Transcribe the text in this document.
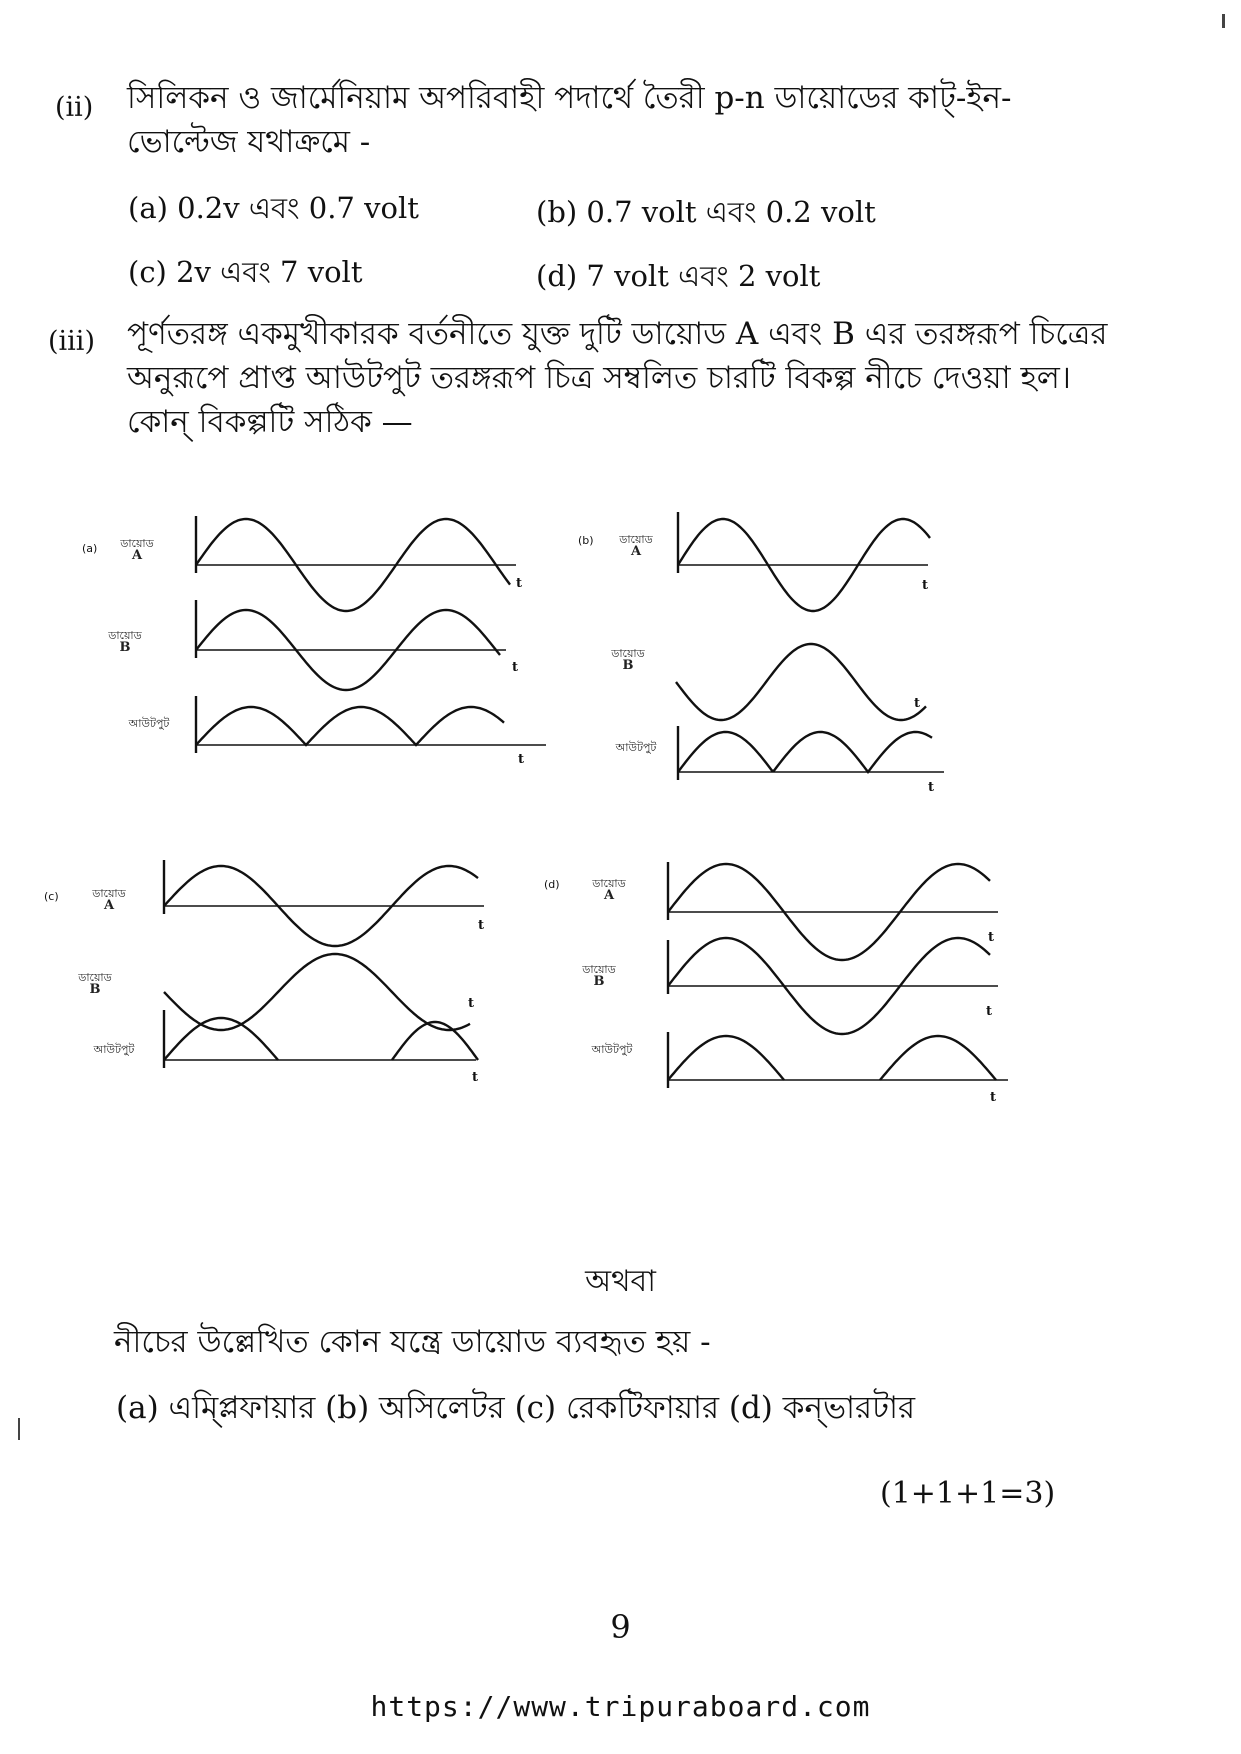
(ii) সিলিকন ও জার্মেনিয়াম অপরিবাহী পদার্থে তৈরী p-n ডায়োডের কাট্-ইন-ভোল্টেজ যথাক্রমে -
(a) 0.2v এবং 0.7 volt	(b) 0.7 volt এবং 0.2 volt
(c) 2v এবং 7 volt	(d) 7 volt এবং 2 volt
(iii) পূর্ণতরঙ্গ একমুখীকারক বর্তনীতে যুক্ত দুটি ডায়োড A এবং B এর তরঙ্গরূপ চিত্রের অনুরূপে প্রাপ্ত আউটপুট তরঙ্গরূপ চিত্র সম্বলিত চারটি বিকল্প নীচে দেওয়া হল। কোন্ বিকল্পটি সঠিক —
(a)	ডায়োড
A
ডায়োড
B
আউটপুট
t
t
t
(b)	ডায়োড
A
ডায়োড
B
আউটপুট
t
t
t
(c)	ডায়োড
A
ডায়োড
B
আউটপুট
t
t
t
(d)	ডায়োড
A
ডায়োড
B
আউটপুট
t
t
t
অথবা
নীচের উল্লেখিত কোন যন্ত্রে ডায়োড ব্যবহৃত হয় -
(a) এম্প্লিফায়ার (b) অসিলেটর (c) রেকটিফায়ার (d) কন্ভারটার
(1+1+1=3)
9
https://www.tripuraboard.com
